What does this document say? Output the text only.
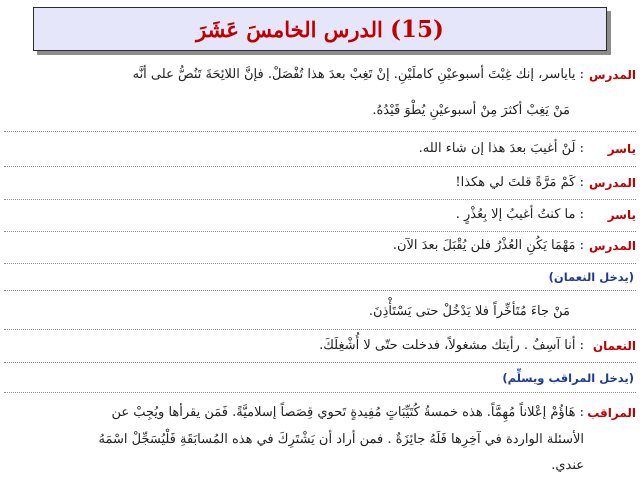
(15) الدرس الخامسَ عَشَرَ
المدرس
: ياياسر، إنك غِبْتَ أسبوعيْنِ كاملَيْنِ. إنْ تَغِبْ بعدَ هذا تُفْصَلْ. فإنَّ اللائِحَةَ تَنُصُّ على أنَّه
مَنْ يَغِبْ أكثرَ مِنْ أسبوعيْنِ يُطْوَ قَيْدُهُ.
ياسر
: لَنْ أغيبَ بعدَ هذا إن شاء الله.
المدرس
: كَمْ مَرَّةً قلتَ لي هكذا!
ياسر
: ما كنتُ أغيبُ إلا بِعُذْرٍ .
المدرس
: مَهْمَا يَكُنِ العُذْرُ فلن يُقْبَلَ بعدَ الآن.
(يدخل النعمان)
مَنْ جاءَ مُتَأخِّراً فلا يَدْخُلْ حتى يَسْتَأْذِنَ.
النعمان
: أنا آسِفٌ . رأيتك مشغولاً، فدخلت حتّى لا أُشْغِلَكَ.
(يدخل المراقب ويسلِّم)
المراقب
: هَاؤُمْ إعْلاناً مُهِمَّاً. هذه خمسةُ كُتَيِّبَاتٍ مُفِيدةٍ تَحوي قِصَصاً إسلاميَّةً. فَمَن يقرأها ويُجِبْ عن
الأسئلة الواردة في آخِرِها فَلَهُ جائِزَةٌ . فمن أراد أن يَشْتَرِكَ في هذه المُسابَقَةِ فَلْيُسَجِّلْ اسْمَهُ
عندي.
